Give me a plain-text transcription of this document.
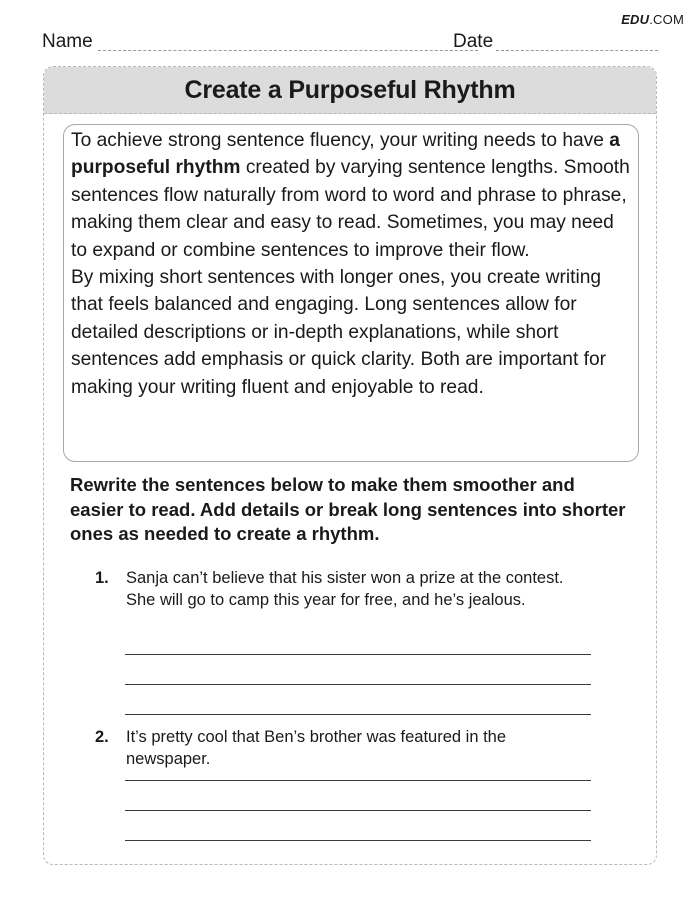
EDU.COM
Name	Date
Create a Purposeful Rhythm

To achieve strong sentence fluency, your writing needs to have a purposeful rhythm created by varying sentence lengths. Smooth sentences flow naturally from word to word and phrase to phrase, making them clear and easy to read. Sometimes, you may need to expand or combine sentences to improve their flow.

By mixing short sentences with longer ones, you create writing that feels balanced and engaging. Long sentences allow for detailed descriptions or in-depth explanations, while short sentences add emphasis or quick clarity. Both are important for making your writing fluent and enjoyable to read.

Rewrite the sentences below to make them smoother and easier to read. Add details or break long sentences into shorter ones as needed to create a rhythm.

1. Sanja can’t believe that his sister won a prize at the contest. She will go to camp this year for free, and he’s jealous.
2. It’s pretty cool that Ben’s brother was featured in the newspaper.
